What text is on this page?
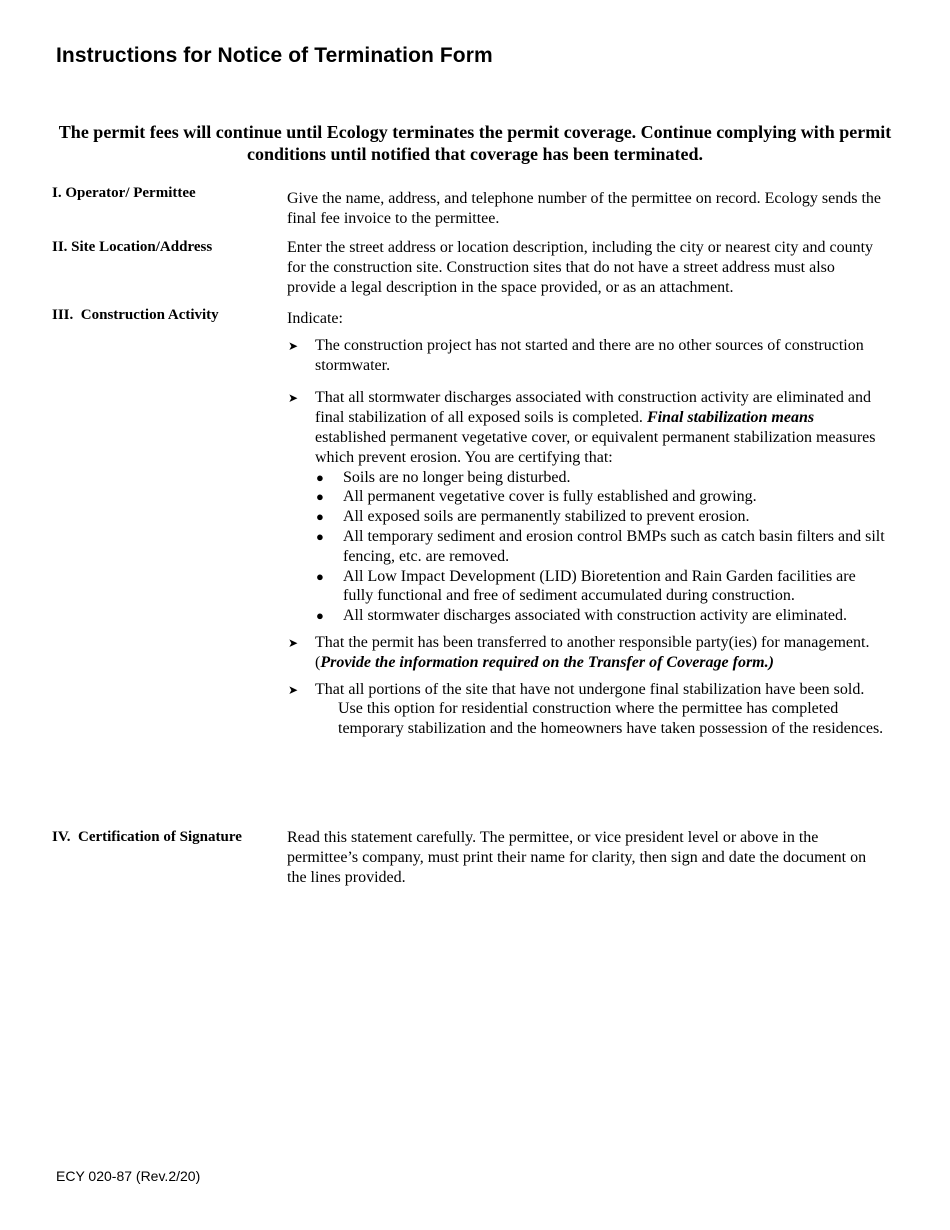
Instructions for Notice of Termination Form
The permit fees will continue until Ecology terminates the permit coverage. Continue complying with permit conditions until notified that coverage has been terminated.
I. Operator/ Permittee	Give the name, address, and telephone number of the permittee on record. Ecology sends the final fee invoice to the permittee.
II. Site Location/Address	Enter the street address or location description, including the city or nearest city and county for the construction site. Construction sites that do not have a street address must also provide a legal description in the space provided, or as an attachment.
III. Construction Activity	Indicate:

➤ The construction project has not started and there are no other sources of construction stormwater.
➤ That all stormwater discharges associated with construction activity are eliminated and final stabilization of all exposed soils is completed. Final stabilization means established permanent vegetative cover, or equivalent permanent stabilization measures which prevent erosion. You are certifying that:
● Soils are no longer being disturbed.
● All permanent vegetative cover is fully established and growing.
● All exposed soils are permanently stabilized to prevent erosion.
● All temporary sediment and erosion control BMPs such as catch basin filters and silt fencing, etc. are removed.
● All Low Impact Development (LID) Bioretention and Rain Garden facilities are fully functional and free of sediment accumulated during construction.
● All stormwater discharges associated with construction activity are eliminated.
➤ That the permit has been transferred to another responsible party(ies) for management. (Provide the information required on the Transfer of Coverage form.)
➤ That all portions of the site that have not undergone final stabilization have been sold.

Use this option for residential construction where the permittee has completed temporary stabilization and the homeowners have taken possession of the residences.

IV. Certification of Signature	Read this statement carefully. The permittee, or vice president level or above in the permittee’s company, must print their name for clarity, then sign and date the document on the lines provided.
ECY 020-87 (Rev.2/20)
